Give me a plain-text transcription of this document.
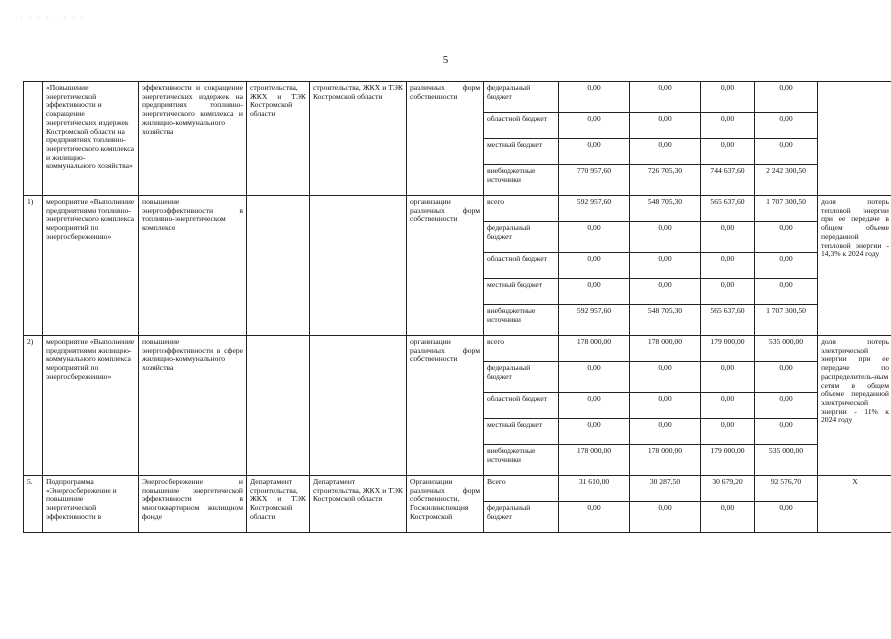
· · · · · · · ·
5
	«Повышение энергетической эффективности и сокращение энергетических издержек Костромской области на предприятиях топливно-энергетического комплекса и жилищно-коммунального хозяйства»	эффективности и сокращение энергетических издержек на предприятиях топливно-энергетического комплекса и жилищно-коммунального хозяйства	строительства, ЖКХ и ТЭК Костромской области	строительства, ЖКХ и ТЭК Костромской области	различных форм собственности	федеральный бюджет	0,00	0,00	0,00	0,00	
						областной бюджет	0,00	0,00	0,00	0,00	
						местный бюджет	0,00	0,00	0,00	0,00	
						внебюджетные источники	770 957,60	726 705,30	744 637,60	2 242 300,50	
1)	мероприятие «Выполнение предприятиями топливно-энергетического комплекса мероприятий по энергосбережению»	повышение энергоэффективности в топливно-энергетическом комплексе			организации различных форм собственности	всего	592 957,60	548 705,30	565 637,60	1 707 300,50	доля потерь тепловой энергии при ее передаче в общем объеме переданной тепловой энергии - 14,3% к 2024 году
						федеральный бюджет	0,00	0,00	0,00	0,00	
						областной бюджет	0,00	0,00	0,00	0,00	
						местный бюджет	0,00	0,00	0,00	0,00	
						внебюджетные источники	592 957,60	548 705,30	565 637,60	1 707 300,50	
2)	мероприятие «Выполнение предприятиями жилищно-коммунального комплекса мероприятий по энергосбережению»	повышение энергоэффективности в сфере жилищно-коммунального хозяйства			организации различных форм собственности	всего	178 000,00	178 000,00	179 000,00	535 000,00	доля потерь электрической энергии при ее передаче по распределитель-ным сетям в общем объеме переданной электрической энергии - 11% к 2024 году
						федеральный бюджет	0,00	0,00	0,00	0,00	
						областной бюджет	0,00	0,00	0,00	0,00	
						местный бюджет	0,00	0,00	0,00	0,00	
						внебюджетные источники	178 000,00	178 000,00	179 000,00	535 000,00	
5.	Подпрограмма «Энергосбережение и повышение энергетической эффективности в	Энергосбережение и повышение энергетической эффективности в многоквартирном жилищном фонде	Департамент строительства, ЖКХ и ТЭК Костромской области	Департамент строительства, ЖКХ и ТЭК Костромской области	Организации различных форм собственности, Госжилинспекция Костромской	Всего	31 610,00	30 287,50	30 679,20	92 576,70	Х
						федеральный бюджет	0,00	0,00	0,00	0,00	
